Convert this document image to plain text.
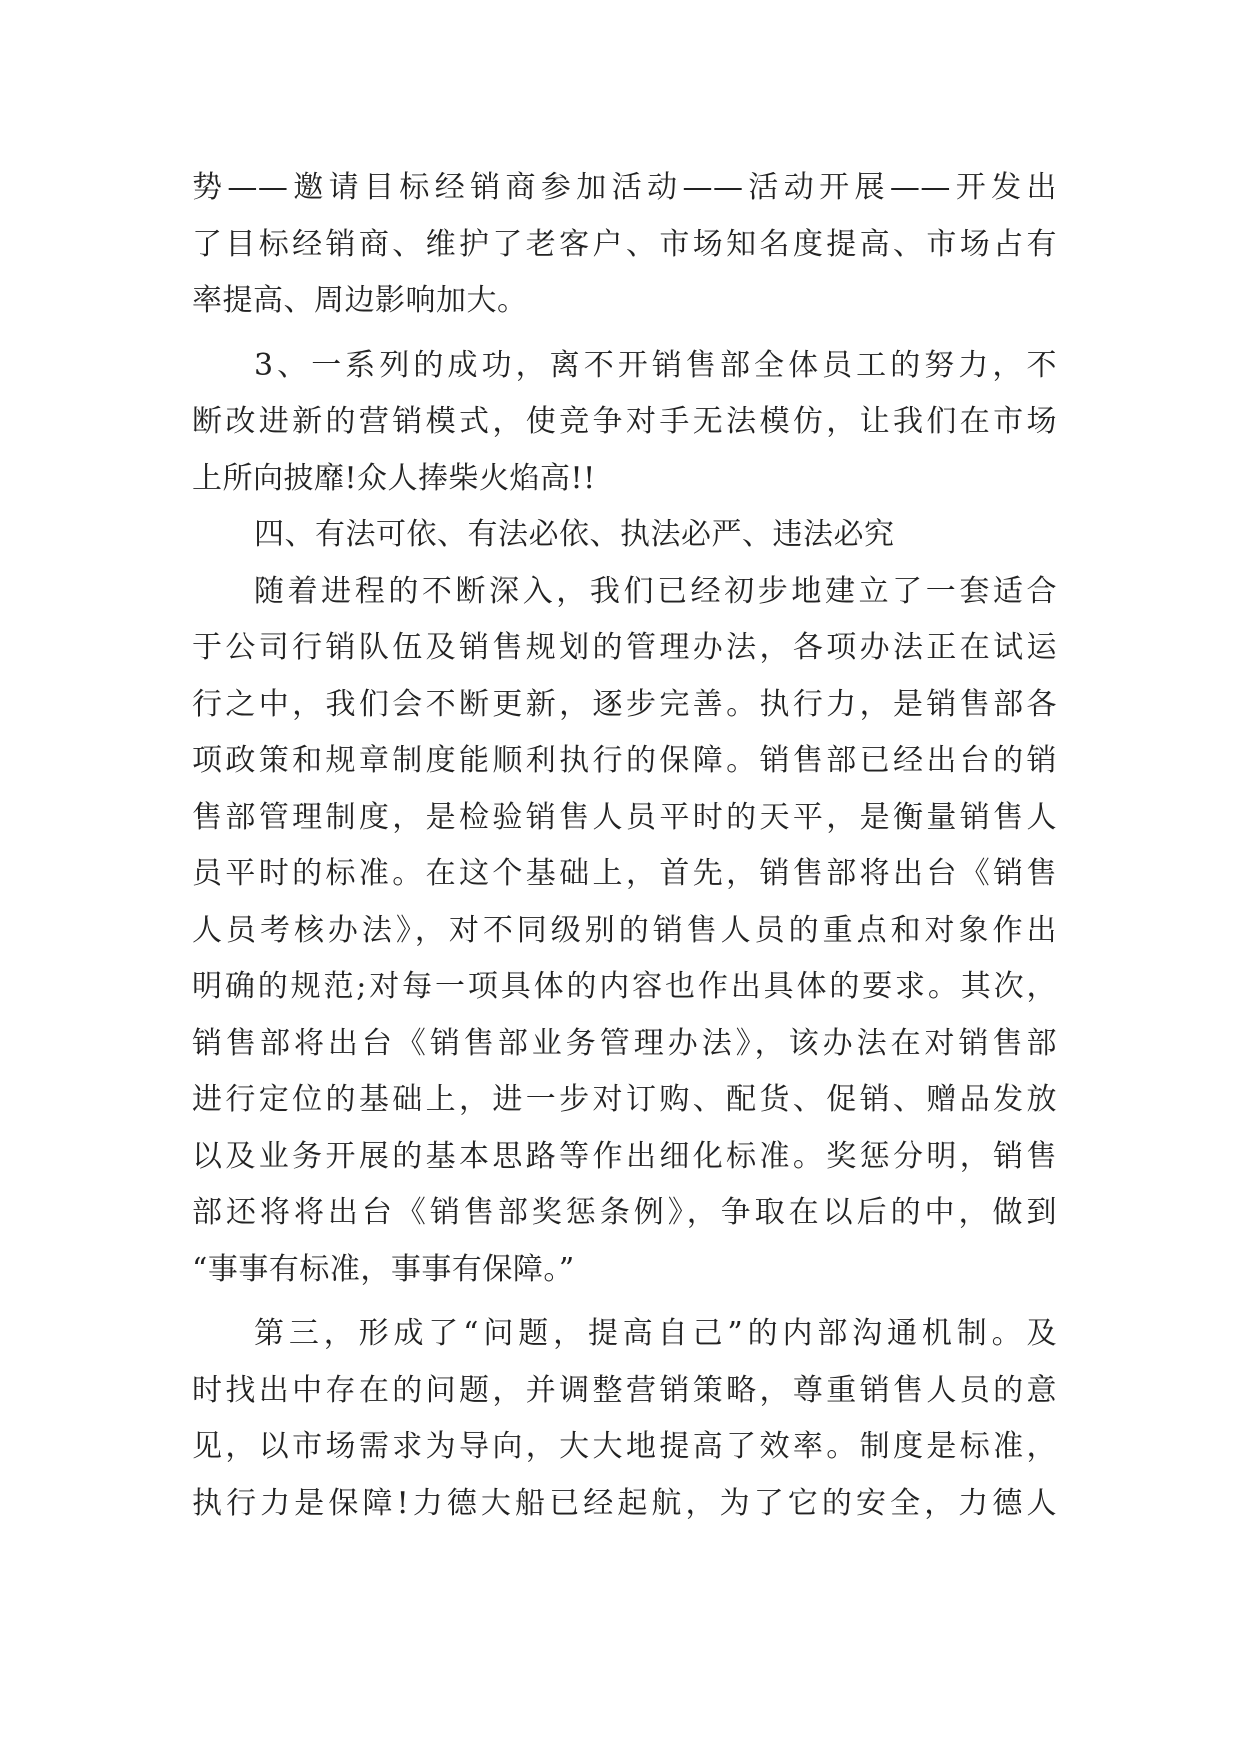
势——邀请目标经销商参加活动——活动开展——开发出
了目标经销商、维护了老客户、市场知名度提高、市场占有
率提高、周边影响加大。
3、一系列的成功，离不开销售部全体员工的努力，不
断改进新的营销模式，使竞争对手无法模仿，让我们在市场
上所向披靡!众人捧柴火焰高!!
四、有法可依、有法必依、执法必严、违法必究
随着进程的不断深入，我们已经初步地建立了一套适合
于公司行销队伍及销售规划的管理办法，各项办法正在试运
行之中，我们会不断更新，逐步完善。执行力，是销售部各
项政策和规章制度能顺利执行的保障。销售部已经出台的销
售部管理制度，是检验销售人员平时的天平，是衡量销售人
员平时的标准。在这个基础上，首先，销售部将出台《销售
人员考核办法》，对不同级别的销售人员的重点和对象作出
明确的规范;对每一项具体的内容也作出具体的要求。其次，
销售部将出台《销售部业务管理办法》，该办法在对销售部
进行定位的基础上，进一步对订购、配货、促销、赠品发放
以及业务开展的基本思路等作出细化标准。奖惩分明，销售
部还将将出台《销售部奖惩条例》，争取在以后的中，做到
“事事有标准，事事有保障。”
第三，形成了“问题，提高自己”的内部沟通机制。及
时找出中存在的问题，并调整营销策略，尊重销售人员的意
见，以市场需求为导向，大大地提高了效率。制度是标准，
执行力是保障!力德大船已经起航，为了它的安全，力德人
